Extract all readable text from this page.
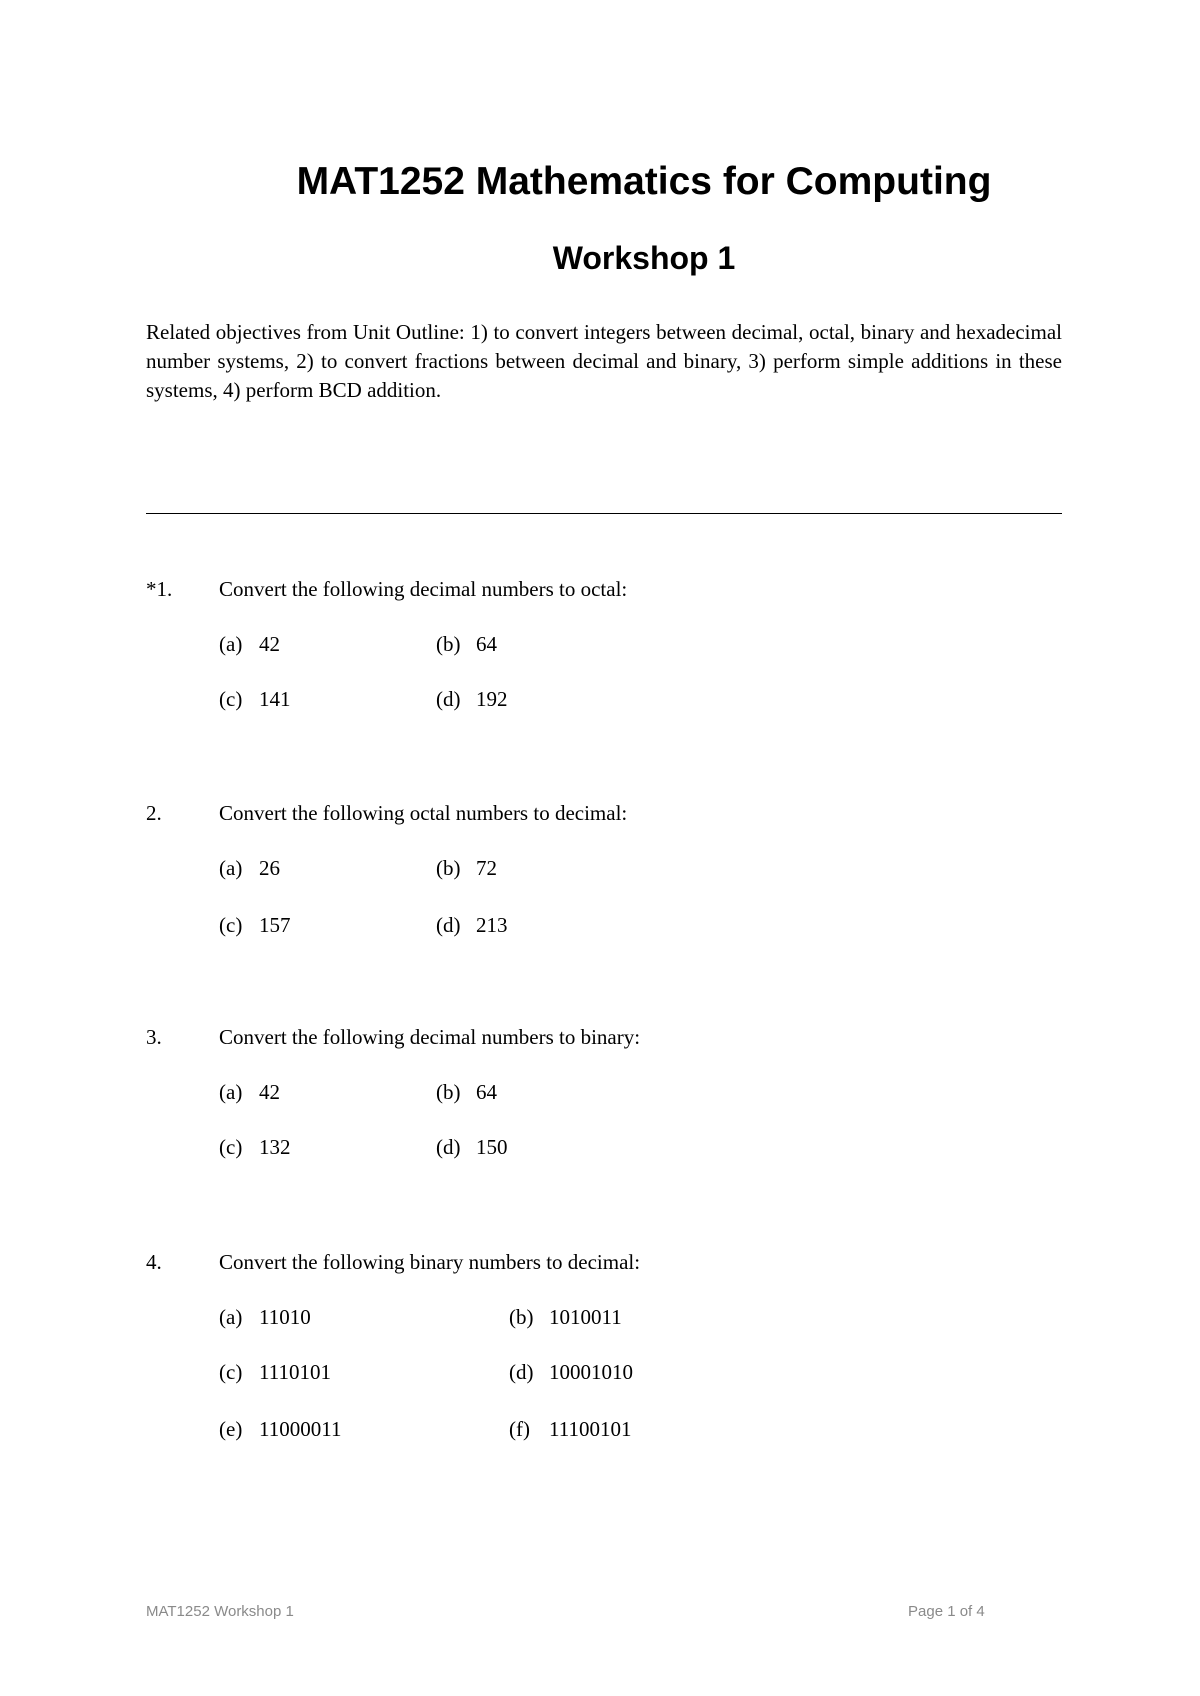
MAT1252 Mathematics for Computing
Workshop 1

Related objectives from Unit Outline: 1) to convert integers between decimal, octal, binary and hexadecimal number systems, 2) to convert fractions between decimal and binary, 3) perform simple additions in these systems, 4) perform BCD addition.

*1. Convert the following decimal numbers to octal:
(a) 42	(b) 64
(c) 141	(d) 192
2.	Convert the following octal numbers to decimal:
(a) 26	(b) 72
(c) 157	(d) 213
3.	Convert the following decimal numbers to binary:
(a) 42	(b) 64
(c) 132	(d) 150
4.	Convert the following binary numbers to decimal:
(a) 11010	(b) 1010011
(c) 1110101	(d) 10001010
(e) 11000011	(f) 11100101
MAT1252 Workshop 1	Page 1 of 4
